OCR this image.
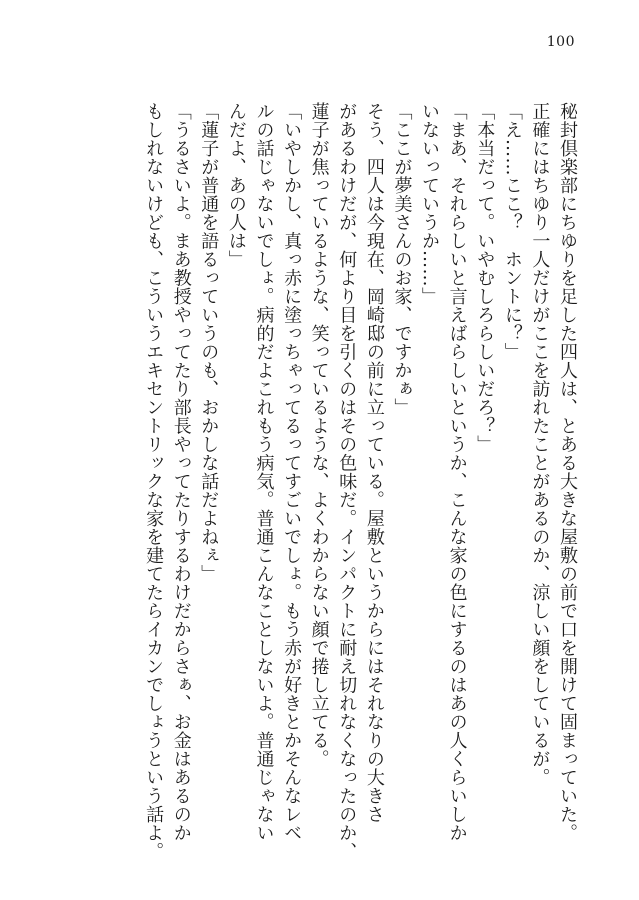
100
秘封倶楽部にちゆりを足した四人は、とある大きな屋敷の前で口を開けて固まっていた。
正確にはちゆり一人だけがここを訪れたことがあるのか、涼しい顔をしているが。
「え……ここ？　ホントに？」
「本当だって。いやむしろらしいだろ？」
「まあ、それらしいと言えばらしいというか、こんな家の色にするのはあの人くらいしか
いないっていうか……」
「ここが夢美さんのお家、ですかぁ」
そう、四人は今現在、岡崎邸の前に立っている。屋敷というからにはそれなりの大きさ
があるわけだが、何より目を引くのはその色味だ。インパクトに耐え切れなくなったのか、
蓮子が焦っているような、笑っているような、よくわからない顔で捲し立てる。
「いやしかし、真っ赤に塗っちゃってるってすごいでしょ。もう赤が好きとかそんなレベ
ルの話じゃないでしょ。病的だよこれもう病気。普通こんなことしないよ。普通じゃない
んだよ、あの人は」
「蓮子が普通を語るっていうのも、おかしな話だよねぇ」
「うるさいよ。まあ教授やってたり部長やってたりするわけだからさぁ、お金はあるのか
もしれないけども、こういうエキセントリックな家を建てたらイカンでしょうという話よ。
